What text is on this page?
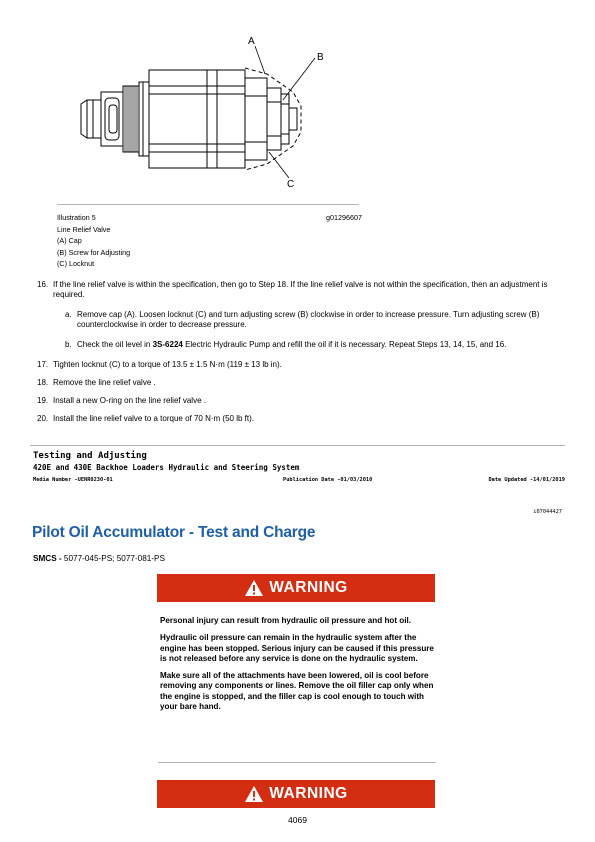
A
B
C
Illustration 5	g01296607
Line Relief Valve
(A) Cap
(B) Screw for Adjusting
(C) Locknut
16. If the line relief valve is within the specification, then go to Step 18. If the line relief valve is not within the specification, then an adjustment is required.
a. Remove cap (A). Loosen locknut (C) and turn adjusting screw (B) clockwise in order to increase pressure. Turn adjusting screw (B) counterclockwise in order to decrease pressure.
b. Check the oil level in 3S-6224 Electric Hydraulic Pump and refill the oil if it is necessary. Repeat Steps 13, 14, 15, and 16.
17. Tighten locknut (C) to a torque of 13.5 ± 1.5 N·m (119 ± 13 lb in).
18. Remove the line relief valve .
19. Install a new O-ring on the line relief valve .
20. Install the line relief valve to a torque of 70 N·m (50 lb ft).
Testing and Adjusting
420E and 430E Backhoe Loaders Hydraulic and Steering System
Media Number -UENR0230-01	Publication Date -01/03/2010	Date Updated -14/01/2019
i07044427
Pilot Oil Accumulator - Test and Charge
SMCS - 5077-045-PS; 5077-081-PS
WARNING

Personal injury can result from hydraulic oil pressure and hot oil.

Hydraulic oil pressure can remain in the hydraulic system after the engine has been stopped. Serious injury can be caused if this pressure is not released before any service is done on the hydraulic system.

Make sure all of the attachments have been lowered, oil is cool before removing any components or lines. Remove the oil filler cap only when the engine is stopped, and the filler cap is cool enough to touch with your bare hand.

WARNING
4069
